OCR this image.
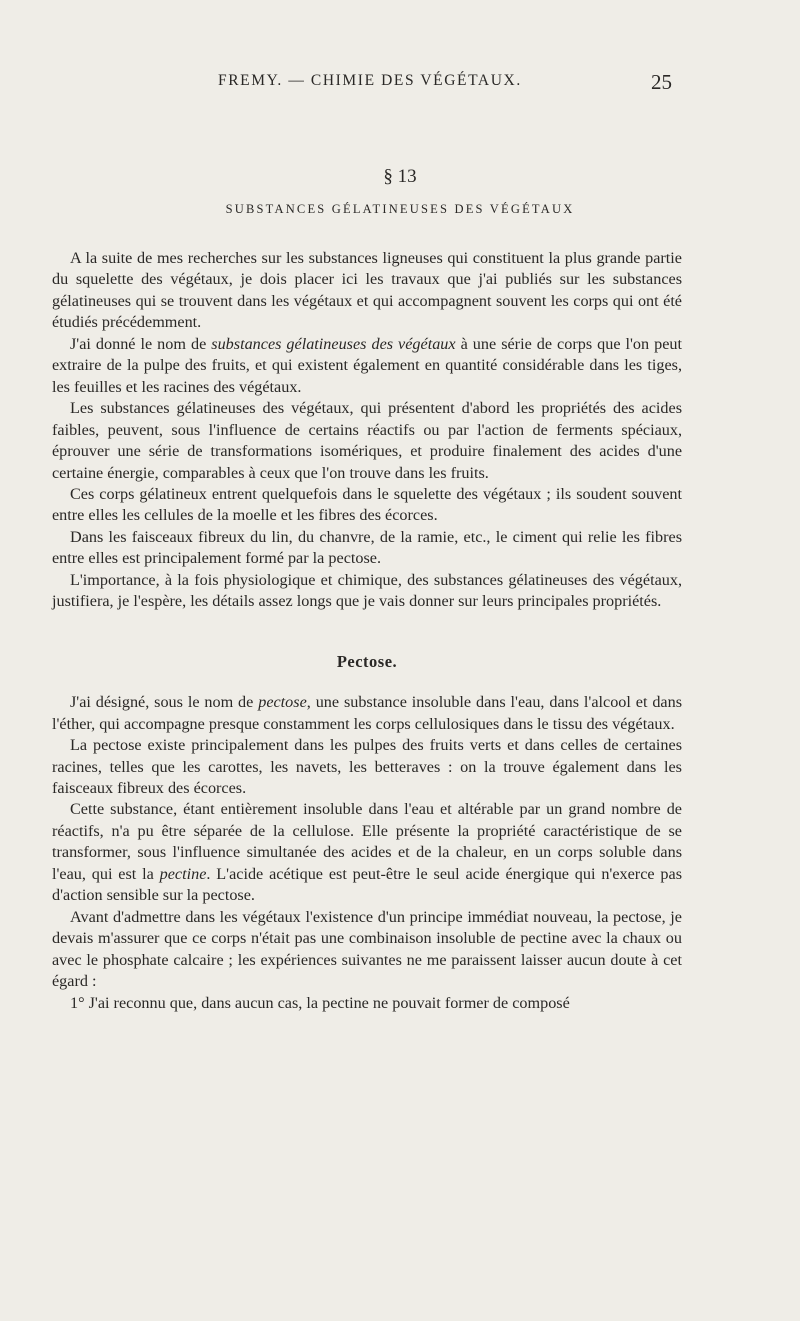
FREMY. — CHIMIE DES VÉGÉTAUX.	25
§ 13
SUBSTANCES GÉLATINEUSES DES VÉGÉTAUX

A la suite de mes recherches sur les substances ligneuses qui constituent la plus grande partie du squelette des végétaux, je dois placer ici les travaux que j'ai publiés sur les substances gélatineuses qui se trouvent dans les végétaux et qui accompagnent souvent les corps qui ont été étudiés précédemment.

J'ai donné le nom de substances gélatineuses des végétaux à une série de corps que l'on peut extraire de la pulpe des fruits, et qui existent également en quantité considérable dans les tiges, les feuilles et les racines des végétaux.

Les substances gélatineuses des végétaux, qui présentent d'abord les propriétés des acides faibles, peuvent, sous l'influence de certains réactifs ou par l'action de ferments spéciaux, éprouver une série de transformations isomériques, et produire finalement des acides d'une certaine énergie, comparables à ceux que l'on trouve dans les fruits.

Ces corps gélatineux entrent quelquefois dans le squelette des végétaux ; ils soudent souvent entre elles les cellules de la moelle et les fibres des écorces.

Dans les faisceaux fibreux du lin, du chanvre, de la ramie, etc., le ciment qui relie les fibres entre elles est principalement formé par la pectose.

L'importance, à la fois physiologique et chimique, des substances gélatineuses des végétaux, justifiera, je l'espère, les détails assez longs que je vais donner sur leurs principales propriétés.

Pectose.

J'ai désigné, sous le nom de pectose, une substance insoluble dans l'eau, dans l'alcool et dans l'éther, qui accompagne presque constamment les corps cellulosiques dans le tissu des végétaux.

La pectose existe principalement dans les pulpes des fruits verts et dans celles de certaines racines, telles que les carottes, les navets, les betteraves : on la trouve également dans les faisceaux fibreux des écorces.

Cette substance, étant entièrement insoluble dans l'eau et altérable par un grand nombre de réactifs, n'a pu être séparée de la cellulose. Elle présente la propriété caractéristique de se transformer, sous l'influence simultanée des acides et de la chaleur, en un corps soluble dans l'eau, qui est la pectine. L'acide acétique est peut-être le seul acide énergique qui n'exerce pas d'action sensible sur la pectose.

Avant d'admettre dans les végétaux l'existence d'un principe immédiat nouveau, la pectose, je devais m'assurer que ce corps n'était pas une combinaison insoluble de pectine avec la chaux ou avec le phosphate calcaire ; les expériences suivantes ne me paraissent laisser aucun doute à cet égard :

1° J'ai reconnu que, dans aucun cas, la pectine ne pouvait former de composé
